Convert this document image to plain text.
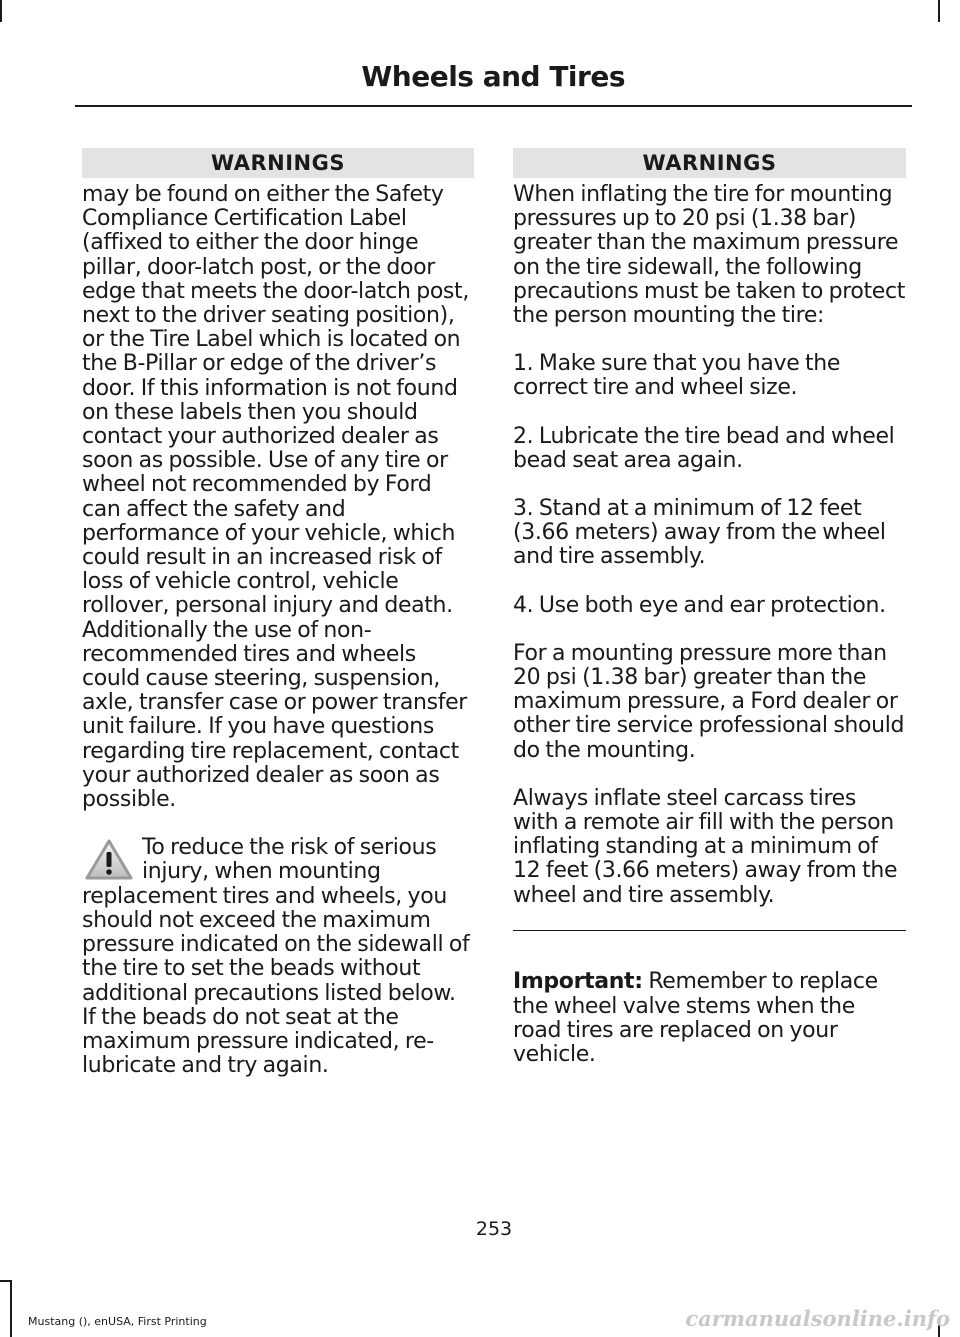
Wheels and Tires
WARNINGS

may be found on either the Safety Compliance Certification Label (affixed to either the door hinge pillar, door-latch post, or the door edge that meets the door-latch post, next to the driver seating position), or the Tire Label which is located on the B-Pillar or edge of the driver’s door. If this information is not found on these labels then you should contact your authorized dealer as soon as possible. Use of any tire or wheel not recommended by Ford can affect the safety and performance of your vehicle, which could result in an increased risk of loss of vehicle control, vehicle rollover, personal injury and death. Additionally the use of non-recommended tires and wheels could cause steering, suspension, axle, transfer case or power transfer unit failure. If you have questions regarding tire replacement, contact your authorized dealer as soon as possible.

To reduce the risk of serious injury, when mounting replacement tires and wheels, you should not exceed the maximum pressure indicated on the sidewall of the tire to set the beads without additional precautions listed below. If the beads do not seat at the maximum pressure indicated, re-lubricate and try again.

WARNINGS

When inflating the tire for mounting pressures up to 20 psi (1.38 bar) greater than the maximum pressure on the tire sidewall, the following precautions must be taken to protect the person mounting the tire:

1. Make sure that you have the correct tire and wheel size.

2. Lubricate the tire bead and wheel bead seat area again.

3. Stand at a minimum of 12 feet (3.66 meters) away from the wheel and tire assembly.

4. Use both eye and ear protection.

For a mounting pressure more than 20 psi (1.38 bar) greater than the maximum pressure, a Ford dealer or other tire service professional should do the mounting.

Always inflate steel carcass tires with a remote air fill with the person inflating standing at a minimum of 12 feet (3.66 meters) away from the wheel and tire assembly.

Important: Remember to replace the wheel valve stems when the road tires are replaced on your vehicle.

253
Mustang (), enUSA, First Printing	carmanualsonline.info
